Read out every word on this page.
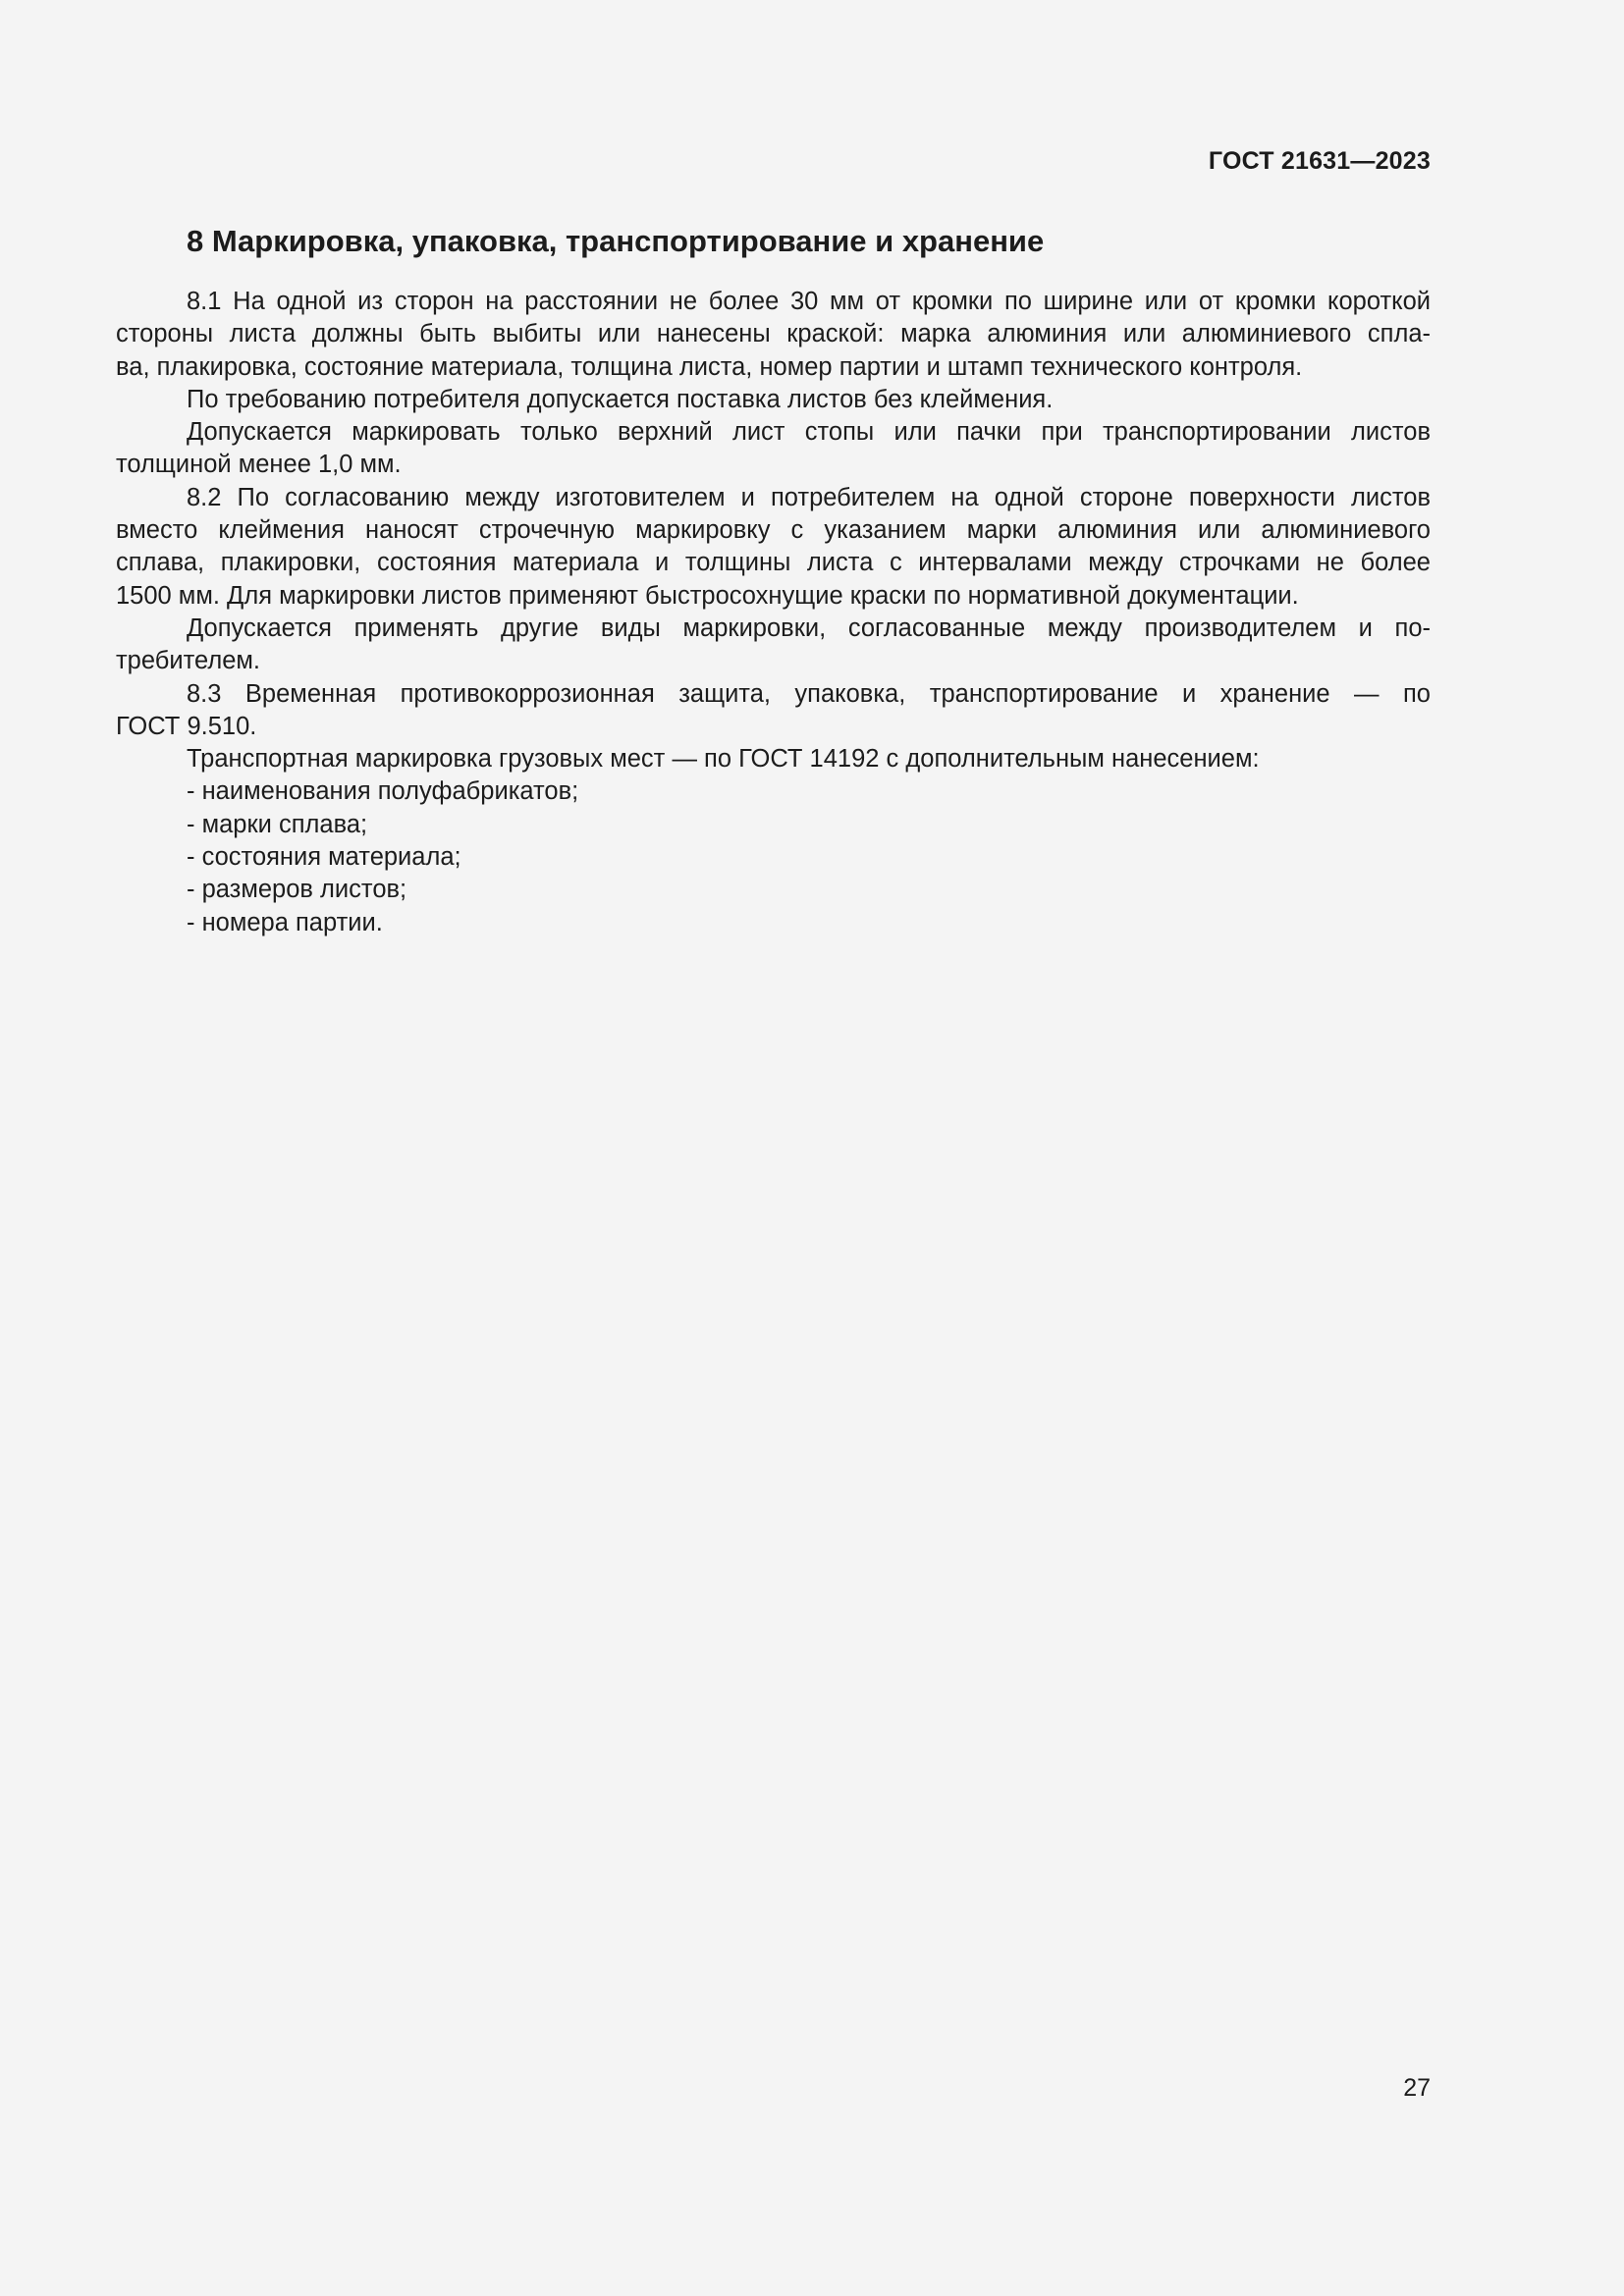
ГОСТ 21631—2023
8 Маркировка, упаковка, транспортирование и хранение
8.1 На одной из сторон на расстоянии не более 30 мм от кромки по ширине или от кромки короткой
стороны листа должны быть выбиты или нанесены краской: марка алюминия или алюминиевого спла-
ва, плакировка, состояние материала, толщина листа, номер партии и штамп технического контроля.
По требованию потребителя допускается поставка листов без клеймения.
Допускается маркировать только верхний лист стопы или пачки при транспортировании листов
толщиной менее 1,0 мм.
8.2 По согласованию между изготовителем и потребителем на одной стороне поверхности листов
вместо клеймения наносят строчечную маркировку с указанием марки алюминия или алюминиевого
сплава, плакировки, состояния материала и толщины листа с интервалами между строчками не более
1500 мм. Для маркировки листов применяют быстросохнущие краски по нормативной документации.
Допускается применять другие виды маркировки, согласованные между производителем и по-
требителем.
8.3 Временная противокоррозионная защита, упаковка, транспортирование и хранение — по
ГОСТ 9.510.
Транспортная маркировка грузовых мест — по ГОСТ 14192 с дополнительным нанесением:
- наименования полуфабрикатов;
- марки сплава;
- состояния материала;
- размеров листов;
- номера партии.
27
